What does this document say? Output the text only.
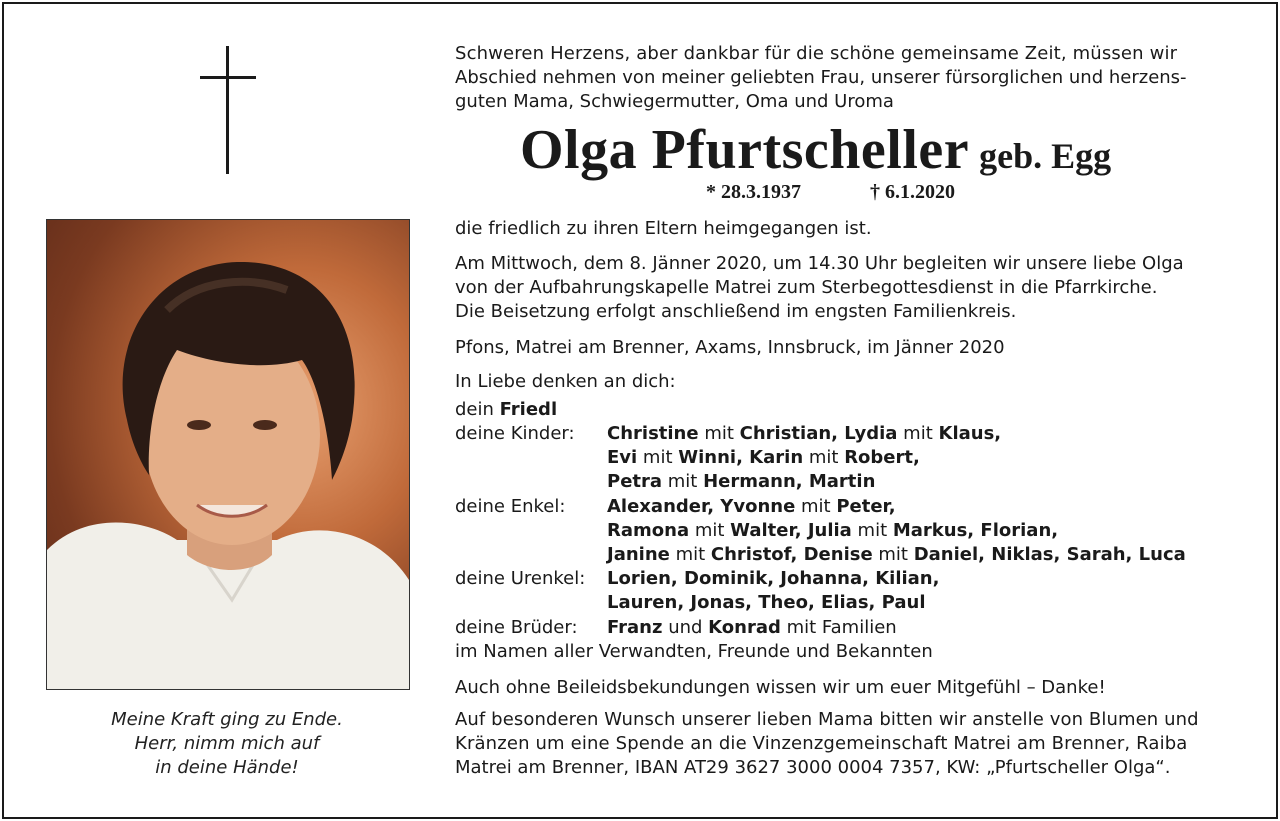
Meine Kraft ging zu Ende.
Herr, nimm mich auf
in deine Hände!
Schweren Herzens, aber dankbar für die schöne gemeinsame Zeit, müssen wir
Abschied nehmen von meiner geliebten Frau, unserer fürsorglichen und herzens-
guten Mama, Schwiegermutter, Oma und Uroma
Olga Pfurtscheller geb. Egg
* 28.3.1937	† 6.1.2020
die friedlich zu ihren Eltern heimgegangen ist.
Am Mittwoch, dem 8. Jänner 2020, um 14.30 Uhr begleiten wir unsere liebe Olga
von der Aufbahrungskapelle Matrei zum Sterbegottesdienst in die Pfarrkirche.
Die Beisetzung erfolgt anschließend im engsten Familienkreis.
Pfons, Matrei am Brenner, Axams, Innsbruck, im Jänner 2020
In Liebe denken an dich:
dein Friedl
deine Kinder: Christine mit Christian, Lydia mit Klaus,
Evi mit Winni, Karin mit Robert,
Petra mit Hermann, Martin
deine Enkel: Alexander, Yvonne mit Peter,
Ramona mit Walter, Julia mit Markus, Florian,
Janine mit Christof, Denise mit Daniel, Niklas, Sarah, Luca
deine Urenkel: Lorien, Dominik, Johanna, Kilian,
Lauren, Jonas, Theo, Elias, Paul
deine Brüder: Franz und Konrad mit Familien
im Namen aller Verwandten, Freunde und Bekannten
Auch ohne Beileidsbekundungen wissen wir um euer Mitgefühl – Danke!
Auf besonderen Wunsch unserer lieben Mama bitten wir anstelle von Blumen und
Kränzen um eine Spende an die Vinzenzgemeinschaft Matrei am Brenner, Raiba
Matrei am Brenner, IBAN AT29 3627 3000 0004 7357, KW: „Pfurtscheller Olga“.
